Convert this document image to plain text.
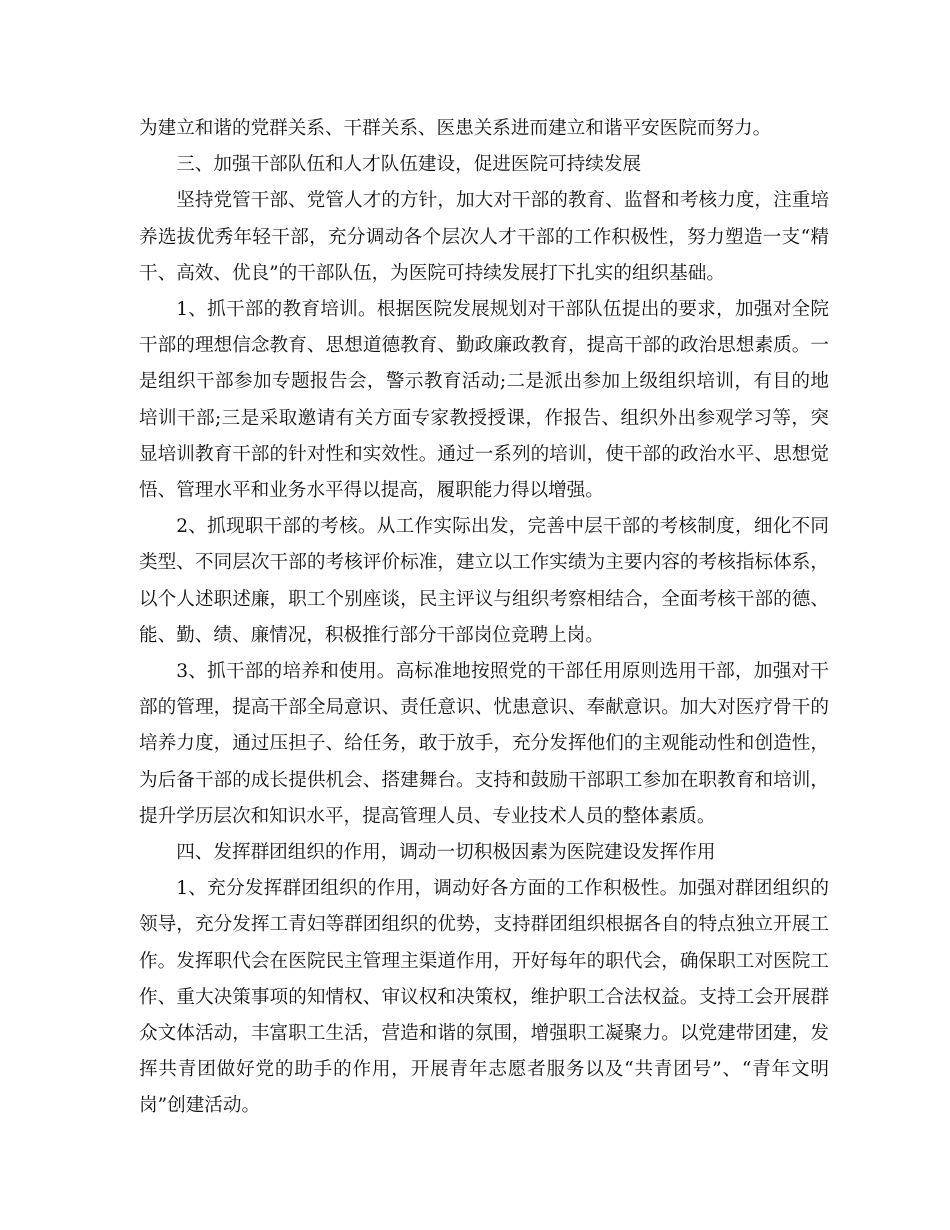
为建立和谐的党群关系、干群关系、医患关系进而建立和谐平安医院而努力。

三、加强干部队伍和人才队伍建设，促进医院可持续发展

坚持党管干部、党管人才的方针，加大对干部的教育、监督和考核力度，注重培养选拔优秀年轻干部，充分调动各个层次人才干部的工作积极性，努力塑造一支“精干、高效、优良”的干部队伍，为医院可持续发展打下扎实的组织基础。

1、抓干部的教育培训。根据医院发展规划对干部队伍提出的要求，加强对全院干部的理想信念教育、思想道德教育、勤政廉政教育，提高干部的政治思想素质。一是组织干部参加专题报告会，警示教育活动;二是派出参加上级组织培训，有目的地培训干部;三是采取邀请有关方面专家教授授课，作报告、组织外出参观学习等，突显培训教育干部的针对性和实效性。通过一系列的培训，使干部的政治水平、思想觉悟、管理水平和业务水平得以提高，履职能力得以增强。

2、抓现职干部的考核。从工作实际出发，完善中层干部的考核制度，细化不同类型、不同层次干部的考核评价标准，建立以工作实绩为主要内容的考核指标体系，以个人述职述廉，职工个别座谈，民主评议与组织考察相结合，全面考核干部的德、能、勤、绩、廉情况，积极推行部分干部岗位竞聘上岗。

3、抓干部的培养和使用。高标准地按照党的干部任用原则选用干部，加强对干部的管理，提高干部全局意识、责任意识、忧患意识、奉献意识。加大对医疗骨干的培养力度，通过压担子、给任务，敢于放手，充分发挥他们的主观能动性和创造性，为后备干部的成长提供机会、搭建舞台。支持和鼓励干部职工参加在职教育和培训，提升学历层次和知识水平，提高管理人员、专业技术人员的整体素质。

四、发挥群团组织的作用，调动一切积极因素为医院建设发挥作用

1、充分发挥群团组织的作用，调动好各方面的工作积极性。加强对群团组织的领导，充分发挥工青妇等群团组织的优势，支持群团组织根据各自的特点独立开展工作。发挥职代会在医院民主管理主渠道作用，开好每年的职代会，确保职工对医院工作、重大决策事项的知情权、审议权和决策权，维护职工合法权益。支持工会开展群众文体活动，丰富职工生活，营造和谐的氛围，增强职工凝聚力。以党建带团建，发挥共青团做好党的助手的作用，开展青年志愿者服务以及“共青团号”、“青年文明岗”创建活动。
